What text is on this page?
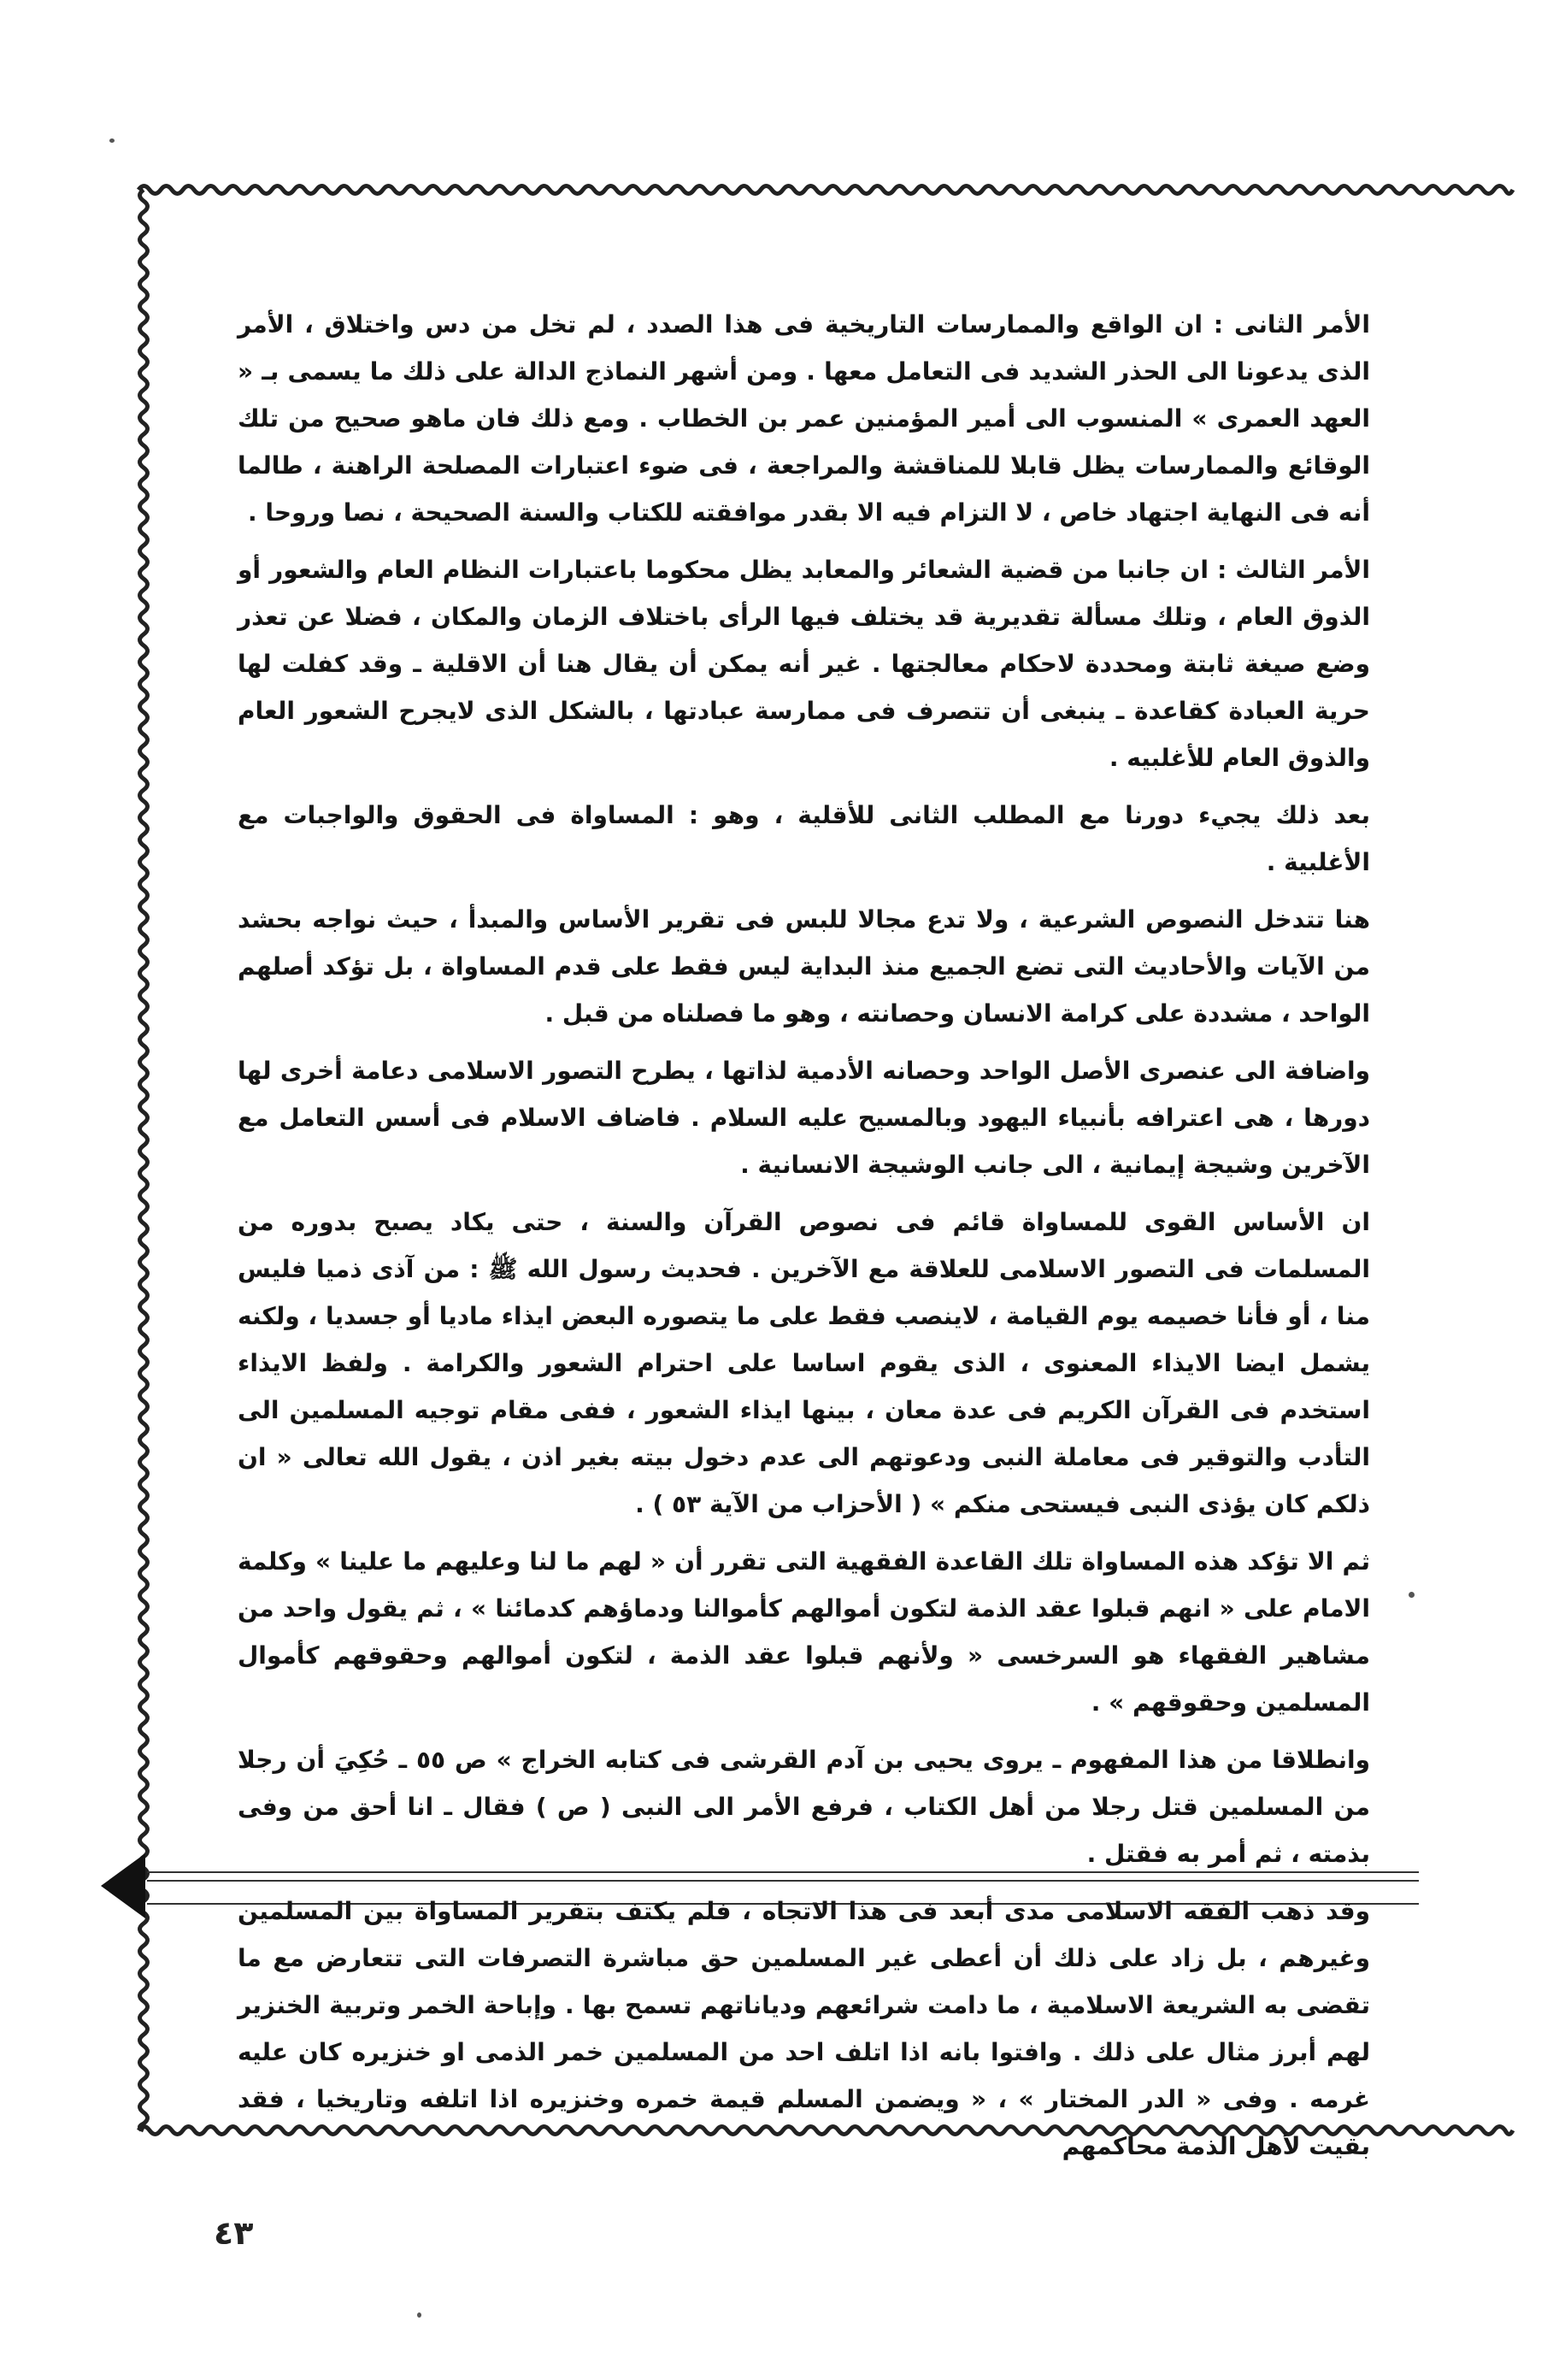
الأمر الثانى : ان الواقع والممارسات التاريخية فى هذا الصدد ، لم تخل من دس واختلاق ، الأمر الذى يدعونا الى الحذر الشديد فى التعامل معها . ومن أشهر النماذج الدالة على ذلك ما يسمى بـ « العهد العمرى » المنسوب الى أمير المؤمنين عمر بن الخطاب . ومع ذلك فان ماهو صحيح من تلك الوقائع والممارسات يظل قابلا للمناقشة والمراجعة ، فى ضوء اعتبارات المصلحة الراهنة ، طالما أنه فى النهاية اجتهاد خاص ، لا التزام فيه الا بقدر موافقته للكتاب والسنة الصحيحة ، نصا وروحا .

الأمر الثالث : ان جانبا من قضية الشعائر والمعابد يظل محكوما باعتبارات النظام العام والشعور أو الذوق العام ، وتلك مسألة تقديرية قد يختلف فيها الرأى باختلاف الزمان والمكان ، فضلا عن تعذر وضع صيغة ثابتة ومحددة لاحكام معالجتها . غير أنه يمكن أن يقال هنا أن الاقلية ـ وقد كفلت لها حرية العبادة كقاعدة ـ ينبغى أن تتصرف فى ممارسة عبادتها ، بالشكل الذى لايجرح الشعور العام والذوق العام للأغلبيه .

بعد ذلك يجيء دورنا مع المطلب الثانى للأقلية ، وهو : المساواة فى الحقوق والواجبات مع الأغلبية .

هنا تتدخل النصوص الشرعية ، ولا تدع مجالا للبس فى تقرير الأساس والمبدأ ، حيث نواجه بحشد من الآيات والأحاديث التى تضع الجميع منذ البداية ليس فقط على قدم المساواة ، بل تؤكد أصلهم الواحد ، مشددة على كرامة الانسان وحصانته ، وهو ما فصلناه من قبل .

واضافة الى عنصرى الأصل الواحد وحصانه الأدمية لذاتها ، يطرح التصور الاسلامى دعامة أخرى لها دورها ، هى اعترافه بأنبياء اليهود وبالمسيح عليه السلام . فاضاف الاسلام فى أسس التعامل مع الآخرين وشيجة إيمانية ، الى جانب الوشيجة الانسانية .

ان الأساس القوى للمساواة قائم فى نصوص القرآن والسنة ، حتى يكاد يصبح بدوره من المسلمات فى التصور الاسلامى للعلاقة مع الآخرين . فحديث رسول الله ﷺ : من آذى ذميا فليس منا ، أو فأنا خصيمه يوم القيامة ، لاينصب فقط على ما يتصوره البعض ايذاء ماديا أو جسديا ، ولكنه يشمل ايضا الايذاء المعنوى ، الذى يقوم اساسا على احترام الشعور والكرامة . ولفظ الايذاء استخدم فى القرآن الكريم فى عدة معان ، بينها ايذاء الشعور ، ففى مقام توجيه المسلمين الى التأدب والتوقير فى معاملة النبى ودعوتهم الى عدم دخول بيته بغير اذن ، يقول الله تعالى « ان ذلكم كان يؤذى النبى فيستحى منكم » ( الأحزاب من الآية ٥٣ ) .

ثم الا تؤكد هذه المساواة تلك القاعدة الفقهية التى تقرر أن « لهم ما لنا وعليهم ما علينا » وكلمة الامام على « انهم قبلوا عقد الذمة لتكون أموالهم كأموالنا ودماؤهم كدمائنا » ، ثم يقول واحد من مشاهير الفقهاء هو السرخسى « ولأنهم قبلوا عقد الذمة ، لتكون أموالهم وحقوقهم كأموال المسلمين وحقوقهم » .

وانطلاقا من هذا المفهوم ـ يروى يحيى بن آدم القرشى فى كتابه الخراج » ص ٥٥ ـ حُكِيَ أن رجلا من المسلمين قتل رجلا من أهل الكتاب ، فرفع الأمر الى النبى ( ص ) فقال ـ انا أحق من وفى بذمته ، ثم أمر به فقتل .

وقد ذهب الفقه الاسلامى مدى أبعد فى هذا الاتجاه ، فلم يكتف بتقرير المساواة بين المسلمين وغيرهم ، بل زاد على ذلك أن أعطى غير المسلمين حق مباشرة التصرفات التى تتعارض مع ما تقضى به الشريعة الاسلامية ، ما دامت شرائعهم ودياناتهم تسمح بها . وإباحة الخمر وتربية الخنزير لهم أبرز مثال على ذلك . وافتوا بانه اذا اتلف احد من المسلمين خمر الذمى او خنزيره كان عليه غرمه . وفى « الدر المختار » ، « ويضمن المسلم قيمة خمره وخنزيره اذا اتلفه وتاريخيا ، فقد بقيت لأهل الذمة محاكمهم

٤٣
